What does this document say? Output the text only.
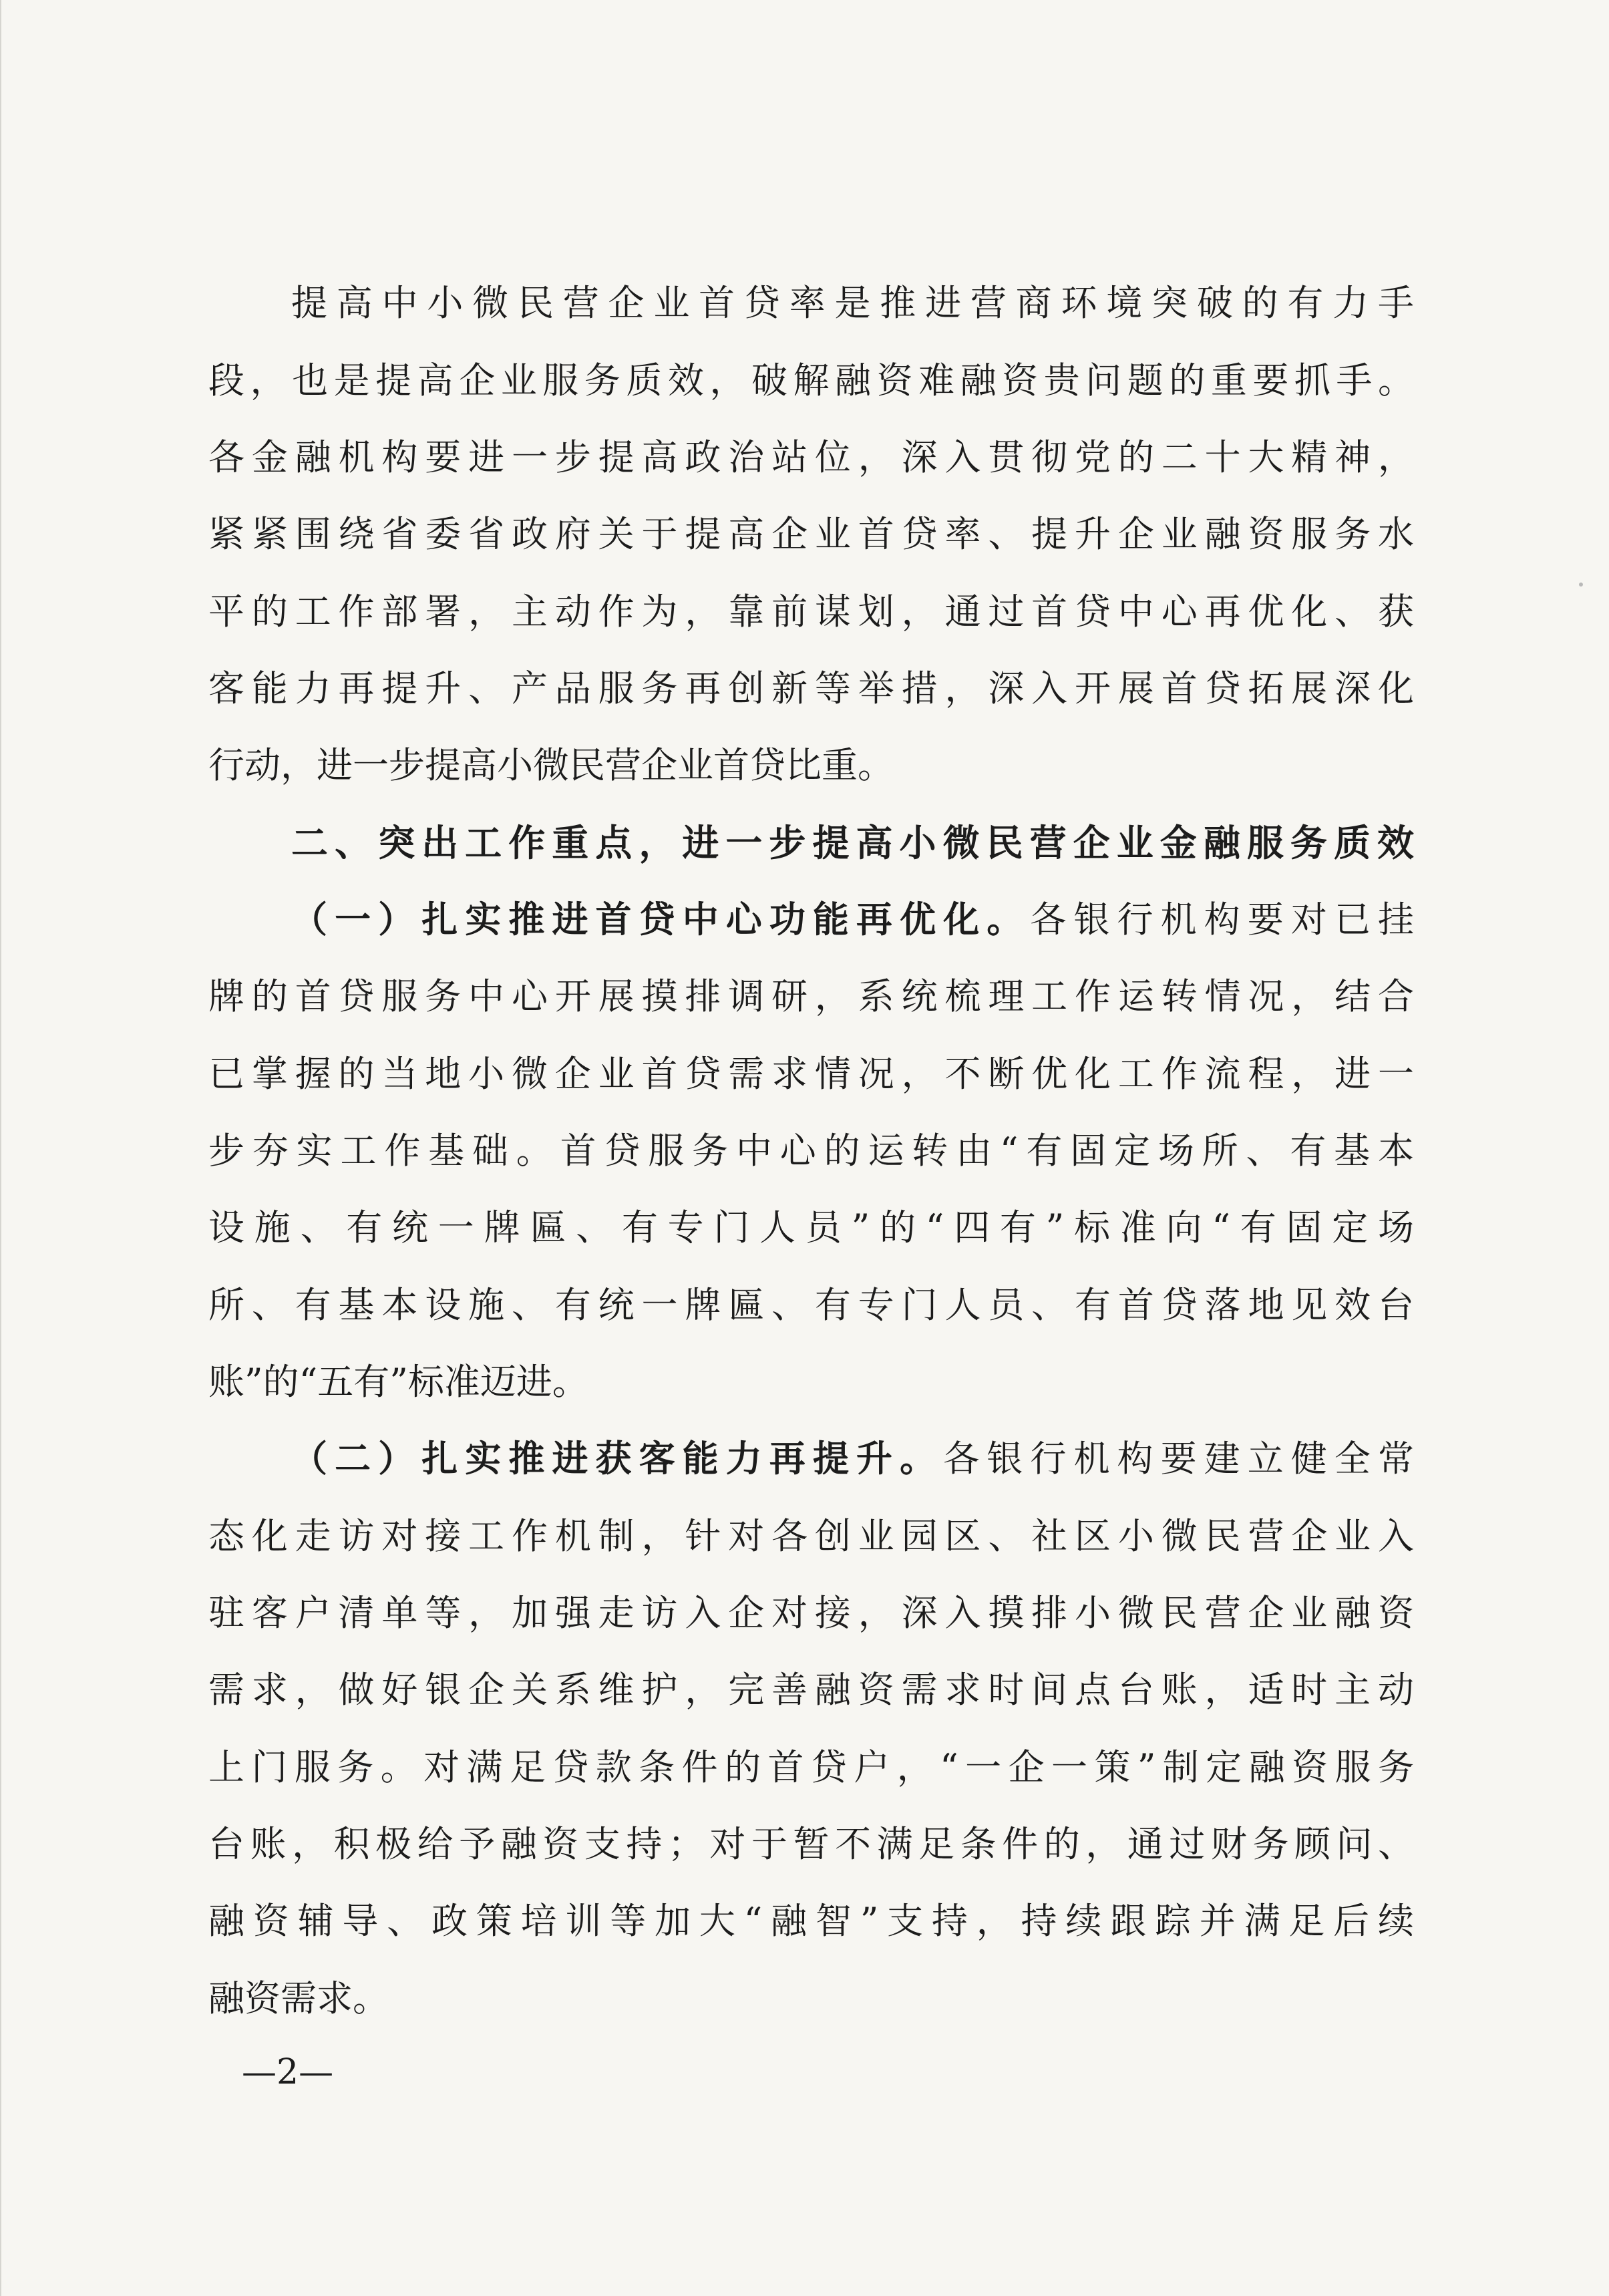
提高中小微民营企业首贷率是推进营商环境突破的有力手
段，也是提高企业服务质效，破解融资难融资贵问题的重要抓手。
各金融机构要进一步提高政治站位，深入贯彻党的二十大精神，
紧紧围绕省委省政府关于提高企业首贷率、提升企业融资服务水
平的工作部署，主动作为，靠前谋划，通过首贷中心再优化、获
客能力再提升、产品服务再创新等举措，深入开展首贷拓展深化
行动，进一步提高小微民营企业首贷比重。
二、突出工作重点，进一步提高小微民营企业金融服务质效
（一）扎实推进首贷中心功能再优化。各银行机构要对已挂
牌的首贷服务中心开展摸排调研，系统梳理工作运转情况，结合
已掌握的当地小微企业首贷需求情况，不断优化工作流程，进一
步夯实工作基础。首贷服务中心的运转由“有固定场所、有基本
设施、有统一牌匾、有专门人员”的“四有”标准向“有固定场
所、有基本设施、有统一牌匾、有专门人员、有首贷落地见效台
账”的“五有”标准迈进。
（二）扎实推进获客能力再提升。各银行机构要建立健全常
态化走访对接工作机制，针对各创业园区、社区小微民营企业入
驻客户清单等，加强走访入企对接，深入摸排小微民营企业融资
需求，做好银企关系维护，完善融资需求时间点台账，适时主动
上门服务。对满足贷款条件的首贷户，“一企一策”制定融资服务
台账，积极给予融资支持；对于暂不满足条件的，通过财务顾问、
融资辅导、政策培训等加大“融智”支持，持续跟踪并满足后续
融资需求。
—2—
